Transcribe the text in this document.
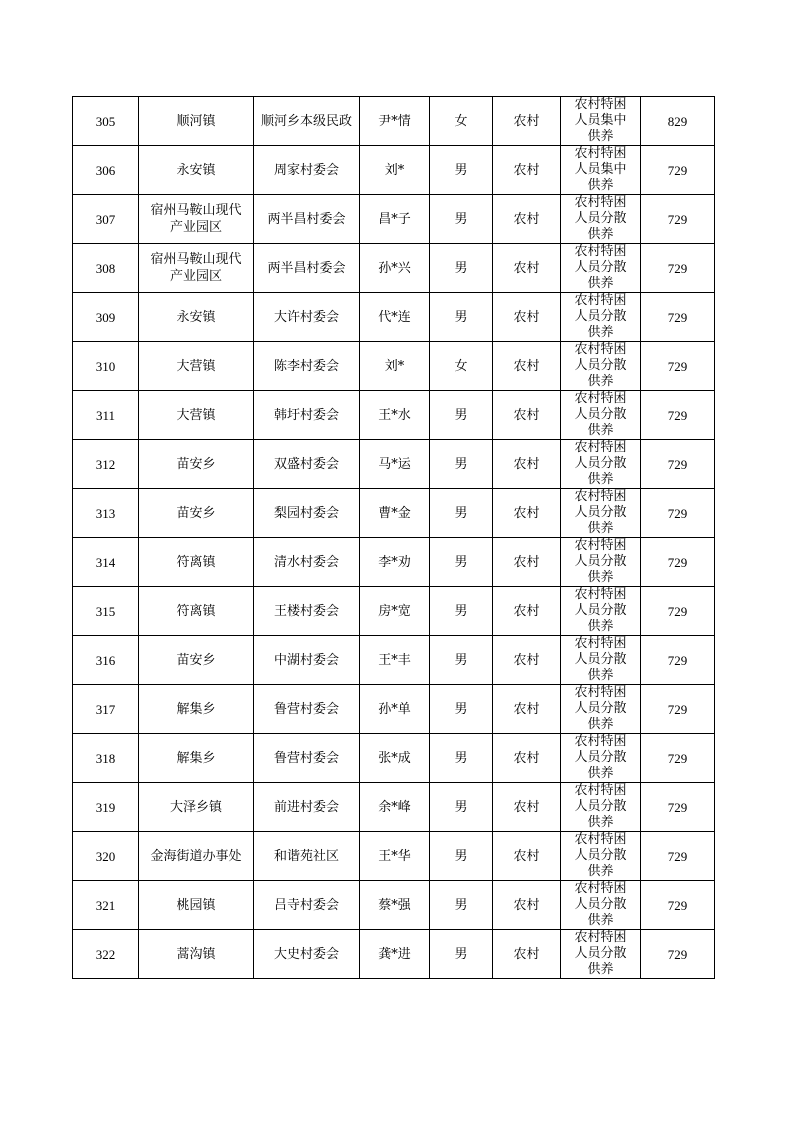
305	顺河镇	顺河乡本级民政	尹*情	女	农村	农村特困人员集中供养	829
306	永安镇	周家村委会	刘*	男	农村	农村特困人员集中供养	729
307	宿州马鞍山现代产业园区	两半昌村委会	昌*子	男	农村	农村特困人员分散供养	729
308	宿州马鞍山现代产业园区	两半昌村委会	孙*兴	男	农村	农村特困人员分散供养	729
309	永安镇	大许村委会	代*连	男	农村	农村特困人员分散供养	729
310	大营镇	陈李村委会	刘*	女	农村	农村特困人员分散供养	729
311	大营镇	韩圩村委会	王*水	男	农村	农村特困人员分散供养	729
312	苗安乡	双盛村委会	马*运	男	农村	农村特困人员分散供养	729
313	苗安乡	梨园村委会	曹*金	男	农村	农村特困人员分散供养	729
314	符离镇	清水村委会	李*劝	男	农村	农村特困人员分散供养	729
315	符离镇	王楼村委会	房*宽	男	农村	农村特困人员分散供养	729
316	苗安乡	中湖村委会	王*丰	男	农村	农村特困人员分散供养	729
317	解集乡	鲁营村委会	孙*单	男	农村	农村特困人员分散供养	729
318	解集乡	鲁营村委会	张*成	男	农村	农村特困人员分散供养	729
319	大泽乡镇	前进村委会	余*峰	男	农村	农村特困人员分散供养	729
320	金海街道办事处	和谐苑社区	王*华	男	农村	农村特困人员分散供养	729
321	桃园镇	吕寺村委会	蔡*强	男	农村	农村特困人员分散供养	729
322	蒿沟镇	大史村委会	龚*进	男	农村	农村特困人员分散供养	729
